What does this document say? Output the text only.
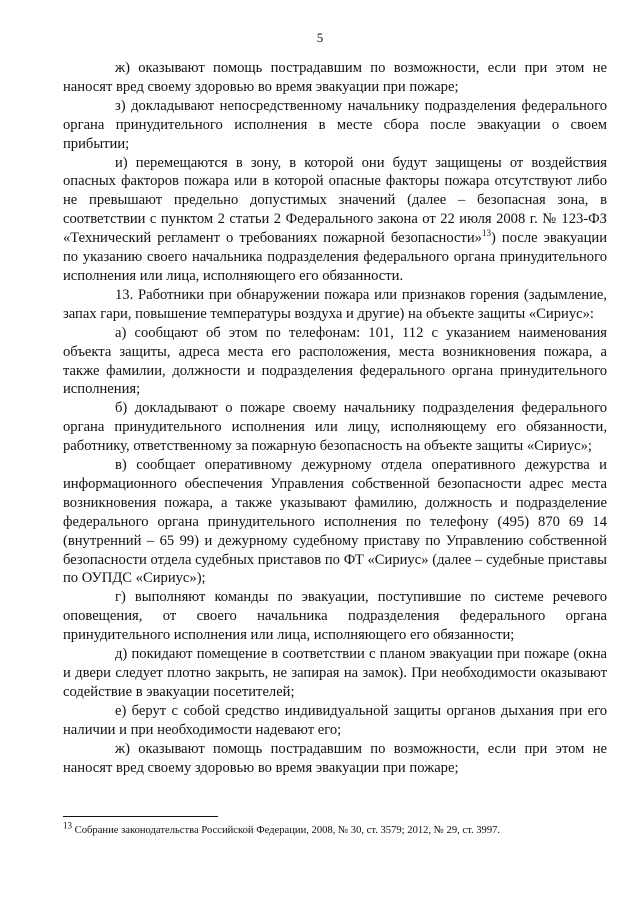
5

ж) оказывают помощь пострадавшим по возможности, если при этом не наносят вред своему здоровью во время эвакуации при пожаре;

з) докладывают непосредственному начальнику подразделения федерального органа принудительного исполнения в месте сбора после эвакуации о своем прибытии;

и) перемещаются в зону, в которой они будут защищены от воздействия опасных факторов пожара или в которой опасные факторы пожара отсутствуют либо не превышают предельно допустимых значений (далее – безопасная зона, в соответствии с пунктом 2 статьи 2 Федерального закона от 22 июля 2008 г. № 123-ФЗ «Технический регламент о требованиях пожарной безопасности»$^{13}$) после эвакуации по указанию своего начальника подразделения федерального органа принудительного исполнения или лица, исполняющего его обязанности.

13. Работники при обнаружении пожара или признаков горения (задымление, запах гари, повышение температуры воздуха и другие) на объекте защиты «Сириус»:

а) сообщают об этом по телефонам: 101, 112 с указанием наименования объекта защиты, адреса места его расположения, места возникновения пожара, а также фамилии, должности и подразделения федерального органа принудительного исполнения;

б) докладывают о пожаре своему начальнику подразделения федерального органа принудительного исполнения или лицу, исполняющему его обязанности, работнику, ответственному за пожарную безопасность на объекте защиты «Сириус»;

в) сообщает оперативному дежурному отдела оперативного дежурства и информационного обеспечения Управления собственной безопасности адрес места возникновения пожара, а также указывают фамилию, должность и подразделение федерального органа принудительного исполнения по телефону (495) 870 69 14 (внутренний – 65 99) и дежурному судебному приставу по Управлению собственной безопасности отдела судебных приставов по ФТ «Сириус» (далее – судебные приставы по ОУПДС «Сириус»);

г) выполняют команды по эвакуации, поступившие по системе речевого оповещения, от своего начальника подразделения федерального органа принудительного исполнения или лица, исполняющего его обязанности;

д) покидают помещение в соответствии с планом эвакуации при пожаре (окна и двери следует плотно закрыть, не запирая на замок). При необходимости оказывают содействие в эвакуации посетителей;

е) берут с собой средство индивидуальной защиты органов дыхания при его наличии и при необходимости надевают его;

ж) оказывают помощь пострадавшим по возможности, если при этом не наносят вред своему здоровью во время эвакуации при пожаре;

$^{13}$ Собрание законодательства Российской Федерации, 2008, № 30, ст. 3579; 2012, № 29, ст. 3997.
